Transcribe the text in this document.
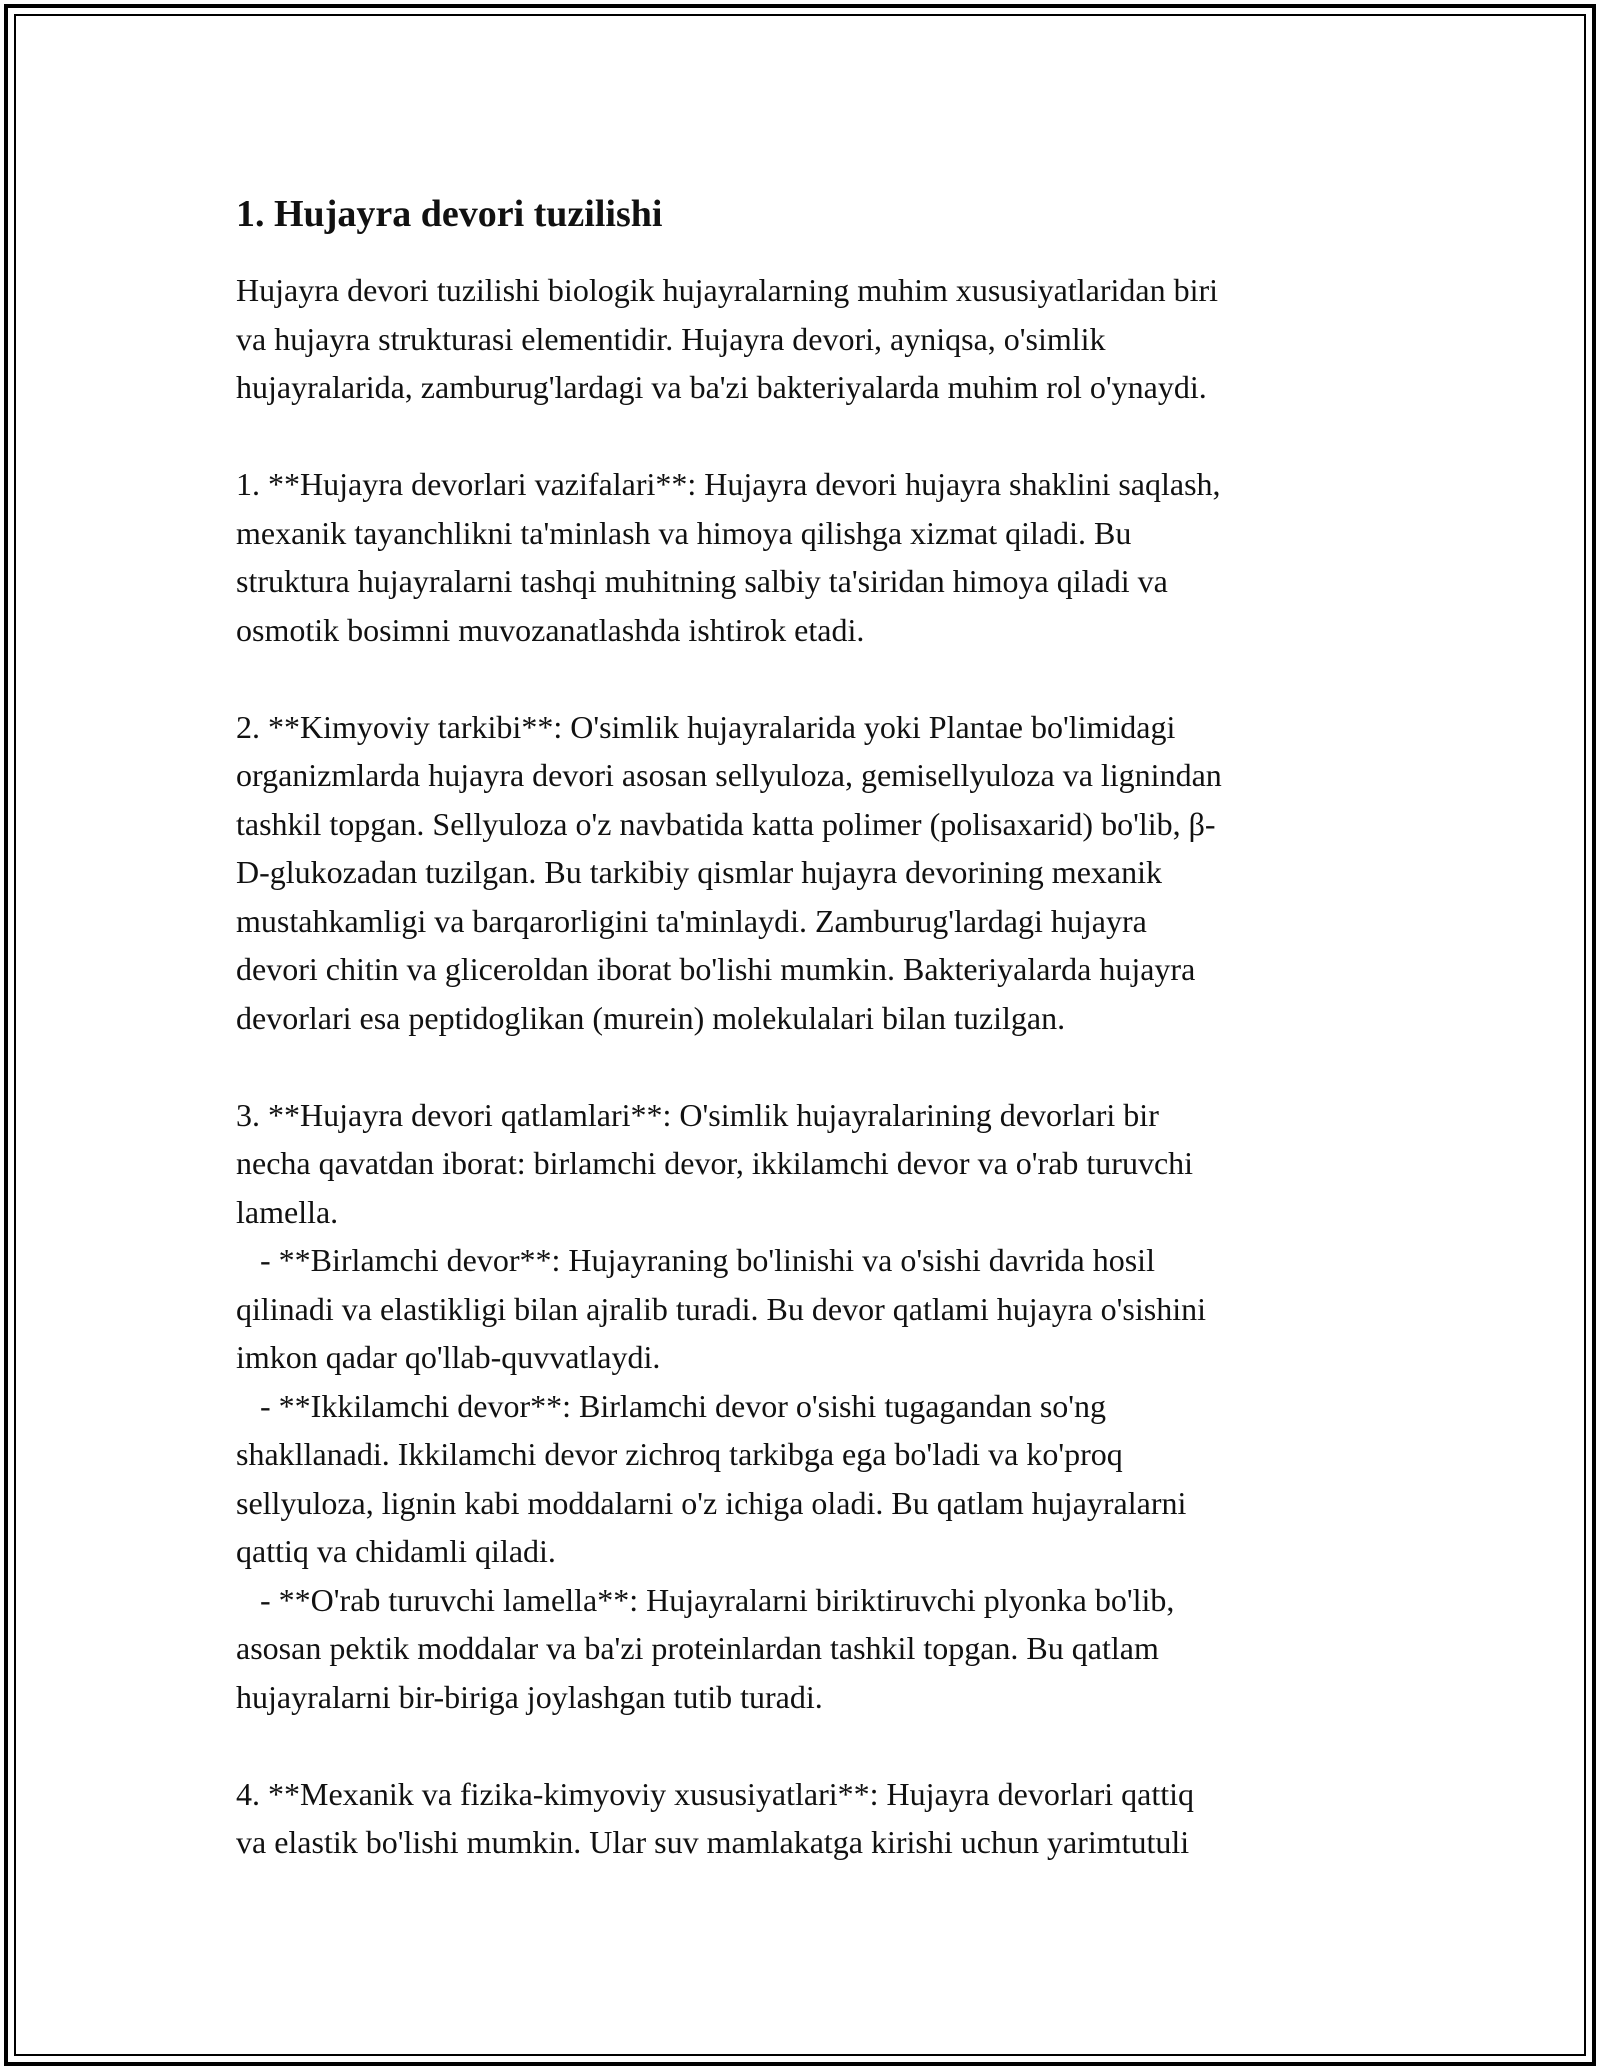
1. Hujayra devori tuzilishi
Hujayra devori tuzilishi biologik hujayralarning muhim xususiyatlaridan biri
va hujayra strukturasi elementidir. Hujayra devori, ayniqsa, o'simlik
hujayralarida, zamburug'lardagi va ba'zi bakteriyalarda muhim rol o'ynaydi.
1. **Hujayra devorlari vazifalari**: Hujayra devori hujayra shaklini saqlash,
mexanik tayanchlikni ta'minlash va himoya qilishga xizmat qiladi. Bu
struktura hujayralarni tashqi muhitning salbiy ta'siridan himoya qiladi va
osmotik bosimni muvozanatlashda ishtirok etadi.
2. **Kimyoviy tarkibi**: O'simlik hujayralarida yoki Plantae bo'limidagi
organizmlarda hujayra devori asosan sellyuloza, gemisellyuloza va lignindan
tashkil topgan. Sellyuloza o'z navbatida katta polimer (polisaxarid) bo'lib, β-
D-glukozadan tuzilgan. Bu tarkibiy qismlar hujayra devorining mexanik
mustahkamligi va barqarorligini ta'minlaydi. Zamburug'lardagi hujayra
devori chitin va gliceroldan iborat bo'lishi mumkin. Bakteriyalarda hujayra
devorlari esa peptidoglikan (murein) molekulalari bilan tuzilgan.
3. **Hujayra devori qatlamlari**: O'simlik hujayralarining devorlari bir
necha qavatdan iborat: birlamchi devor, ikkilamchi devor va o'rab turuvchi
lamella.
- **Birlamchi devor**: Hujayraning bo'linishi va o'sishi davrida hosil
qilinadi va elastikligi bilan ajralib turadi. Bu devor qatlami hujayra o'sishini
imkon qadar qo'llab-quvvatlaydi.
- **Ikkilamchi devor**: Birlamchi devor o'sishi tugagandan so'ng
shakllanadi. Ikkilamchi devor zichroq tarkibga ega bo'ladi va ko'proq
sellyuloza, lignin kabi moddalarni o'z ichiga oladi. Bu qatlam hujayralarni
qattiq va chidamli qiladi.
- **O'rab turuvchi lamella**: Hujayralarni biriktiruvchi plyonka bo'lib,
asosan pektik moddalar va ba'zi proteinlardan tashkil topgan. Bu qatlam
hujayralarni bir-biriga joylashgan tutib turadi.
4. **Mexanik va fizika-kimyoviy xususiyatlari**: Hujayra devorlari qattiq
va elastik bo'lishi mumkin. Ular suv mamlakatga kirishi uchun yarimtutuli
